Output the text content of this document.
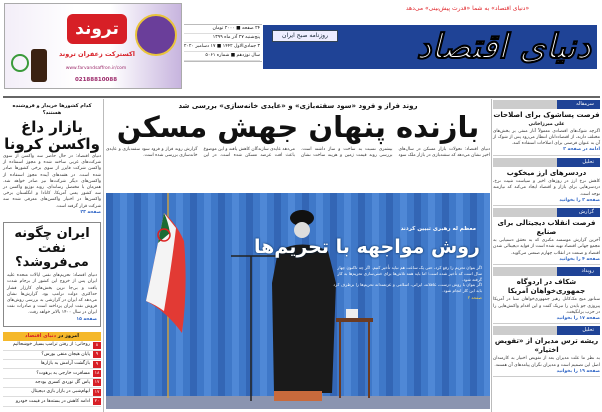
«دنیای اقتصاد» به شما «قدرت پیش‌بینی» می‌دهد
دنیای اقتصاد
روزنامه صبح ایران
۲۴ صفحه ■ ۲۰۰۰ تومان
پنج‌شنبه ۲۷ آذر ماه ۱۳۹۹
۳ جمادی‌الاول ۱۴۴۲ ■ ۱۷ دسامبر ۲۰۲۰
سال نوزدهم ■ شماره ۵۰۶۱
تروند
اکسترکت زعفران تروند
www.farvandsaffron.ir/com
02188810088
کدام کشورها خریدار و فروشنده هستند؟
بازار داغ واکسن کرونا
دنیای اقتصاد: در حال حاضر سه واکسن از سوی شرکت‌های غربی ساخته شده و مجوز استفاده از واکسن شرکت فایزر از سوی برخی کشورها صادر شده است. در هفته‌های آینده مجوز استفاده از واکسن‌های دیگر شرکت‌ها نیز صادر خواهد شد. همزمان با مختصل رسانه‌ای، روند توزیع واکسن در سه کشور یعنی آمریکا، کانادا و انگلستان برخی واکسن‌ها در اختیار واکسن‌های معرفی شده سه شرکت قرار گرفته است.
صفحه ۲۳
ایران چگونه نفت می‌فروشد؟
دنیای اقتصاد: تحریم‌های نفتی ایالات متحده علیه ایران پس از خروج این کشور از برجام شدت یافت و بی‌جا ترین بخش‌های کارزار فشار حداکثری دولت ترامپ بود. گزارش‌ها نشان می‌دهد که ایران در گزارشی به بررسی روش‌های فروش نفت ایران پرداخته است و صادرات نفت ایران در سال ۱۴۰۰ بالاتر خواهد رفت.
صفحه ۱۵
امروز در دنیای اقتصاد
۸
روحانی: از رفتن ترامپ بسیار خوشحالیم
۹
پایان هیجان منفی بورس؟
۹
بازگشت آرامش به بازارها
۱۸
مسافرت خارجی به برهوت؟
۱۷
پاس گل نوردی کسری بودجه
۱۷
ابهام‌شبی در بازار بازی دیجیتال
۲۰
ادامه کاهش در بسته‌ها در قیمت خودرو
روند فراز و فرود «سود سفته‌بازی» و «عایدی خانه‌سازی» بررسی شد
بازنده پنهان جهش مسکن
دنیای اقتصاد: تحولات بازار مسکن در سال‌های اخیر نشان می‌دهد که سفته‌بازی در بازار ملک سود بیشتری نسبت به ساخت و ساز داشته است. بررسی روند قیمت زمین و هزینه ساخت نشان می‌دهد عایدی سازندگان کاهش یافته و این موضوع باعث افت عرضه مسکن شده است. در این گزارش روند فراز و فرود سود سفته‌بازی و عایدی خانه‌سازی بررسی شده است.
معظم له رهبری تبیین کردند
روش مواجهه با تحریم‌ها
اگر بتوان تحریم را رفع کرد، حتی یک ساعت هم نباید تأخیر کنیم. اگر چه تاکنون چهار سال است که تأخیر شده است؛ اما باید همه تلاش‌ها برای خنثی‌سازی تحریم‌ها به کار گرفته شود.
اگر بتوان با روش درست، عاقلانه، ایرانی، اسلامی و عزتمندانه تحریم‌ها را برطرف کرد باید این کار انجام شود.
صفحه ۲
سرمقاله
فرصت پساشوک برای اصلاحات
علی میرزاخانی
اگرچه شوک‌های اقتصادی معمولاً آثار منفی بر بخش‌های مختلف دارند، از اقتصاددانان انتظار می‌رود پس از شوک از آن به عنوان فرصتی برای اصلاحات استفاده کنند.
ادامه در صفحه ۲
تحلیل
دردسرهای ارز میخکوب
کاهش نرخ ارز در روزهای اخیر و سیاست تثبیت نرخ، دردسرهایی برای بازار و اقتصاد ایجاد می‌کند که نیازمند توجه است.
صفحه ۲ را بخوانید
گزارش
فرصت انقلاب دیجیتالی برای صنایع
آخرین گزارش موسسه مکنزی که به تحقق دستیابی به مجمع جهانی اقتصاد تهیه شده است از فواید دیجیتالی شدن اقتصاد و صنعت در انقلاب چهارم صنعتی می‌گوید.
صفحه ۴ را بخوانید
رویداد
شکاف در اردوگاه جمهوری‌خواهان آمریکا
سناتور میچ مک‌کانل رهبر جمهوری‌خواهان سنا در آمریکا پیروزی جو بایدن را تبریک گفت و این اقدام واکنش‌هایی را در حزب برانگیخت.
صفحه ۱۷ را بخوانید
تحلیل
ریشه ترس مدیران از «تفویض اختیار»
به نظر ما علت مدیران بعد از تفویض اختیار به کارمندان اصل این تصمیم است و مدیران نگران پیامدهای آن هستند.
صفحه ۱۹ را بخوانید
